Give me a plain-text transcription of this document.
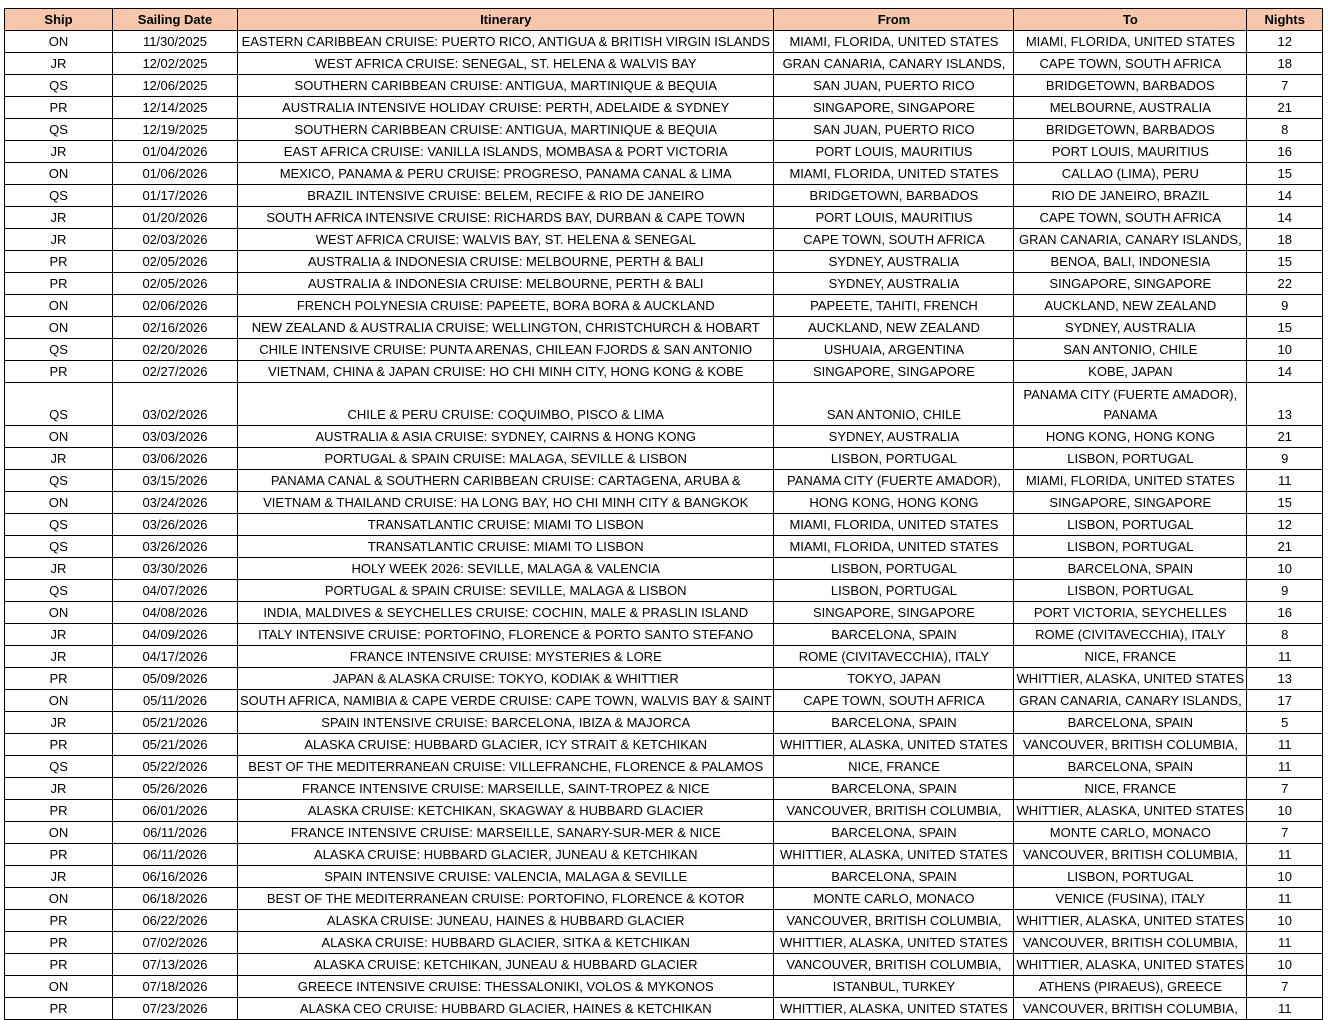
Ship	Sailing Date	Itinerary	From	To	Nights
ON	11/30/2025	EASTERN CARIBBEAN CRUISE: PUERTO RICO, ANTIGUA & BRITISH VIRGIN ISLANDS	MIAMI, FLORIDA, UNITED STATES	MIAMI, FLORIDA, UNITED STATES	12
JR	12/02/2025	WEST AFRICA CRUISE: SENEGAL, ST. HELENA & WALVIS BAY	GRAN CANARIA, CANARY ISLANDS,	CAPE TOWN, SOUTH AFRICA	18
QS	12/06/2025	SOUTHERN CARIBBEAN CRUISE: ANTIGUA, MARTINIQUE & BEQUIA	SAN JUAN, PUERTO RICO	BRIDGETOWN, BARBADOS	7
PR	12/14/2025	AUSTRALIA INTENSIVE HOLIDAY CRUISE: PERTH, ADELAIDE & SYDNEY	SINGAPORE, SINGAPORE	MELBOURNE, AUSTRALIA	21
QS	12/19/2025	SOUTHERN CARIBBEAN CRUISE: ANTIGUA, MARTINIQUE & BEQUIA	SAN JUAN, PUERTO RICO	BRIDGETOWN, BARBADOS	8
JR	01/04/2026	EAST AFRICA CRUISE: VANILLA ISLANDS, MOMBASA & PORT VICTORIA	PORT LOUIS, MAURITIUS	PORT LOUIS, MAURITIUS	16
ON	01/06/2026	MEXICO, PANAMA & PERU CRUISE: PROGRESO, PANAMA CANAL & LIMA	MIAMI, FLORIDA, UNITED STATES	CALLAO (LIMA), PERU	15
QS	01/17/2026	BRAZIL INTENSIVE CRUISE: BELEM, RECIFE & RIO DE JANEIRO	BRIDGETOWN, BARBADOS	RIO DE JANEIRO, BRAZIL	14
JR	01/20/2026	SOUTH AFRICA INTENSIVE CRUISE: RICHARDS BAY, DURBAN & CAPE TOWN	PORT LOUIS, MAURITIUS	CAPE TOWN, SOUTH AFRICA	14
JR	02/03/2026	WEST AFRICA CRUISE: WALVIS BAY, ST. HELENA & SENEGAL	CAPE TOWN, SOUTH AFRICA	GRAN CANARIA, CANARY ISLANDS,	18
PR	02/05/2026	AUSTRALIA & INDONESIA CRUISE: MELBOURNE, PERTH & BALI	SYDNEY, AUSTRALIA	BENOA, BALI, INDONESIA	15
PR	02/05/2026	AUSTRALIA & INDONESIA CRUISE: MELBOURNE, PERTH & BALI	SYDNEY, AUSTRALIA	SINGAPORE, SINGAPORE	22
ON	02/06/2026	FRENCH POLYNESIA CRUISE: PAPEETE, BORA BORA & AUCKLAND	PAPEETE, TAHITI, FRENCH	AUCKLAND, NEW ZEALAND	9
ON	02/16/2026	NEW ZEALAND & AUSTRALIA CRUISE: WELLINGTON, CHRISTCHURCH & HOBART	AUCKLAND, NEW ZEALAND	SYDNEY, AUSTRALIA	15
QS	02/20/2026	CHILE INTENSIVE CRUISE: PUNTA ARENAS, CHILEAN FJORDS & SAN ANTONIO	USHUAIA, ARGENTINA	SAN ANTONIO, CHILE	10
PR	02/27/2026	VIETNAM, CHINA & JAPAN CRUISE: HO CHI MINH CITY, HONG KONG & KOBE	SINGAPORE, SINGAPORE	KOBE, JAPAN	14
QS	03/02/2026	CHILE & PERU CRUISE: COQUIMBO, PISCO & LIMA	SAN ANTONIO, CHILE	PANAMA CITY (FUERTE AMADOR), PANAMA	13
ON	03/03/2026	AUSTRALIA & ASIA CRUISE: SYDNEY, CAIRNS & HONG KONG	SYDNEY, AUSTRALIA	HONG KONG, HONG KONG	21
JR	03/06/2026	PORTUGAL & SPAIN CRUISE: MALAGA, SEVILLE & LISBON	LISBON, PORTUGAL	LISBON, PORTUGAL	9
QS	03/15/2026	PANAMA CANAL & SOUTHERN CARIBBEAN CRUISE: CARTAGENA, ARUBA &	PANAMA CITY (FUERTE AMADOR),	MIAMI, FLORIDA, UNITED STATES	11
ON	03/24/2026	VIETNAM & THAILAND CRUISE: HA LONG BAY, HO CHI MINH CITY & BANGKOK	HONG KONG, HONG KONG	SINGAPORE, SINGAPORE	15
QS	03/26/2026	TRANSATLANTIC CRUISE: MIAMI TO LISBON	MIAMI, FLORIDA, UNITED STATES	LISBON, PORTUGAL	12
QS	03/26/2026	TRANSATLANTIC CRUISE: MIAMI TO LISBON	MIAMI, FLORIDA, UNITED STATES	LISBON, PORTUGAL	21
JR	03/30/2026	HOLY WEEK 2026: SEVILLE, MALAGA & VALENCIA	LISBON, PORTUGAL	BARCELONA, SPAIN	10
QS	04/07/2026	PORTUGAL & SPAIN CRUISE: SEVILLE, MALAGA & LISBON	LISBON, PORTUGAL	LISBON, PORTUGAL	9
ON	04/08/2026	INDIA, MALDIVES & SEYCHELLES CRUISE: COCHIN, MALE & PRASLIN ISLAND	SINGAPORE, SINGAPORE	PORT VICTORIA, SEYCHELLES	16
JR	04/09/2026	ITALY INTENSIVE CRUISE: PORTOFINO, FLORENCE & PORTO SANTO STEFANO	BARCELONA, SPAIN	ROME (CIVITAVECCHIA), ITALY	8
JR	04/17/2026	FRANCE INTENSIVE CRUISE: MYSTERIES & LORE	ROME (CIVITAVECCHIA), ITALY	NICE, FRANCE	11
PR	05/09/2026	JAPAN & ALASKA CRUISE: TOKYO, KODIAK & WHITTIER	TOKYO, JAPAN	WHITTIER, ALASKA, UNITED STATES	13
ON	05/11/2026	SOUTH AFRICA, NAMIBIA & CAPE VERDE CRUISE: CAPE TOWN, WALVIS BAY & SAINT	CAPE TOWN, SOUTH AFRICA	GRAN CANARIA, CANARY ISLANDS,	17
JR	05/21/2026	SPAIN INTENSIVE CRUISE: BARCELONA, IBIZA & MAJORCA	BARCELONA, SPAIN	BARCELONA, SPAIN	5
PR	05/21/2026	ALASKA CRUISE: HUBBARD GLACIER, ICY STRAIT & KETCHIKAN	WHITTIER, ALASKA, UNITED STATES	VANCOUVER, BRITISH COLUMBIA,	11
QS	05/22/2026	BEST OF THE MEDITERRANEAN CRUISE: VILLEFRANCHE, FLORENCE & PALAMOS	NICE, FRANCE	BARCELONA, SPAIN	11
JR	05/26/2026	FRANCE INTENSIVE CRUISE: MARSEILLE, SAINT-TROPEZ & NICE	BARCELONA, SPAIN	NICE, FRANCE	7
PR	06/01/2026	ALASKA CRUISE: KETCHIKAN, SKAGWAY & HUBBARD GLACIER	VANCOUVER, BRITISH COLUMBIA,	WHITTIER, ALASKA, UNITED STATES	10
ON	06/11/2026	FRANCE INTENSIVE CRUISE: MARSEILLE, SANARY-SUR-MER & NICE	BARCELONA, SPAIN	MONTE CARLO, MONACO	7
PR	06/11/2026	ALASKA CRUISE: HUBBARD GLACIER, JUNEAU & KETCHIKAN	WHITTIER, ALASKA, UNITED STATES	VANCOUVER, BRITISH COLUMBIA,	11
JR	06/16/2026	SPAIN INTENSIVE CRUISE: VALENCIA, MALAGA & SEVILLE	BARCELONA, SPAIN	LISBON, PORTUGAL	10
ON	06/18/2026	BEST OF THE MEDITERRANEAN CRUISE: PORTOFINO, FLORENCE & KOTOR	MONTE CARLO, MONACO	VENICE (FUSINA), ITALY	11
PR	06/22/2026	ALASKA CRUISE: JUNEAU, HAINES & HUBBARD GLACIER	VANCOUVER, BRITISH COLUMBIA,	WHITTIER, ALASKA, UNITED STATES	10
PR	07/02/2026	ALASKA CRUISE: HUBBARD GLACIER, SITKA & KETCHIKAN	WHITTIER, ALASKA, UNITED STATES	VANCOUVER, BRITISH COLUMBIA,	11
PR	07/13/2026	ALASKA CRUISE: KETCHIKAN, JUNEAU & HUBBARD GLACIER	VANCOUVER, BRITISH COLUMBIA,	WHITTIER, ALASKA, UNITED STATES	10
ON	07/18/2026	GREECE INTENSIVE CRUISE: THESSALONIKI, VOLOS & MYKONOS	ISTANBUL, TURKEY	ATHENS (PIRAEUS), GREECE	7
PR	07/23/2026	ALASKA CEO CRUISE: HUBBARD GLACIER, HAINES & KETCHIKAN	WHITTIER, ALASKA, UNITED STATES	VANCOUVER, BRITISH COLUMBIA,	11
